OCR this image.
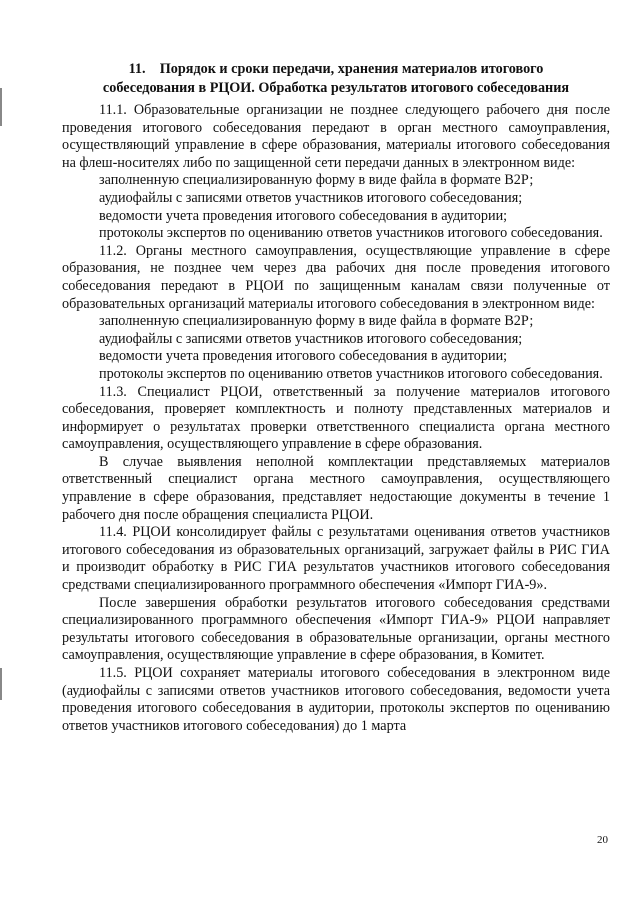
11.    Порядок и сроки передачи, хранения материалов итогового
собеседования в РЦОИ. Обработка результатов итогового собеседования

11.1. Образовательные организации не позднее следующего рабочего дня после проведения итогового собеседования передают в орган местного самоуправления, осуществляющий управление в сфере образования, материалы итогового собеседования на флеш-носителях либо по защищенной сети передачи данных в электронном виде:

заполненную специализированную форму в виде файла в формате В2Р;

аудиофайлы с записями ответов участников итогового собеседования;

ведомости учета проведения итогового собеседования в аудитории;

протоколы экспертов по оцениванию ответов участников итогового собеседования.

11.2. Органы местного самоуправления, осуществляющие управление в сфере образования, не позднее чем через два рабочих дня после проведения итогового собеседования передают в РЦОИ по защищенным каналам связи полученные от образовательных организаций материалы итогового собеседования в электронном виде:

заполненную специализированную форму в виде файла в формате В2Р;

аудиофайлы с записями ответов участников итогового собеседования;

ведомости учета проведения итогового собеседования в аудитории;

протоколы экспертов по оцениванию ответов участников итогового собеседования.

11.3. Специалист РЦОИ, ответственный за получение материалов итогового собеседования, проверяет комплектность и полноту представленных материалов и информирует о результатах проверки ответственного специалиста органа местного самоуправления, осуществляющего управление в сфере образования.

В случае выявления неполной комплектации представляемых материалов ответственный специалист органа местного самоуправления, осуществляющего управление в сфере образования, представляет недостающие документы в течение 1 рабочего дня после обращения специалиста РЦОИ.

11.4. РЦОИ консолидирует файлы с результатами оценивания ответов участников итогового собеседования из образовательных организаций, загружает файлы в РИС ГИА и производит обработку в РИС ГИА результатов участников итогового собеседования средствами специализированного программного обеспечения «Импорт ГИА-9».

После завершения обработки результатов итогового собеседования средствами специализированного программного обеспечения «Импорт ГИА-9» РЦОИ направляет результаты итогового собеседования в образовательные организации, органы местного самоуправления, осуществляющие управление в сфере образования, в Комитет.

11.5. РЦОИ сохраняет материалы итогового собеседования в электронном виде (аудиофайлы с записями ответов участников итогового собеседования, ведомости учета проведения итогового собеседования в аудитории, протоколы экспертов по оцениванию ответов участников итогового собеседования) до 1 марта

20
